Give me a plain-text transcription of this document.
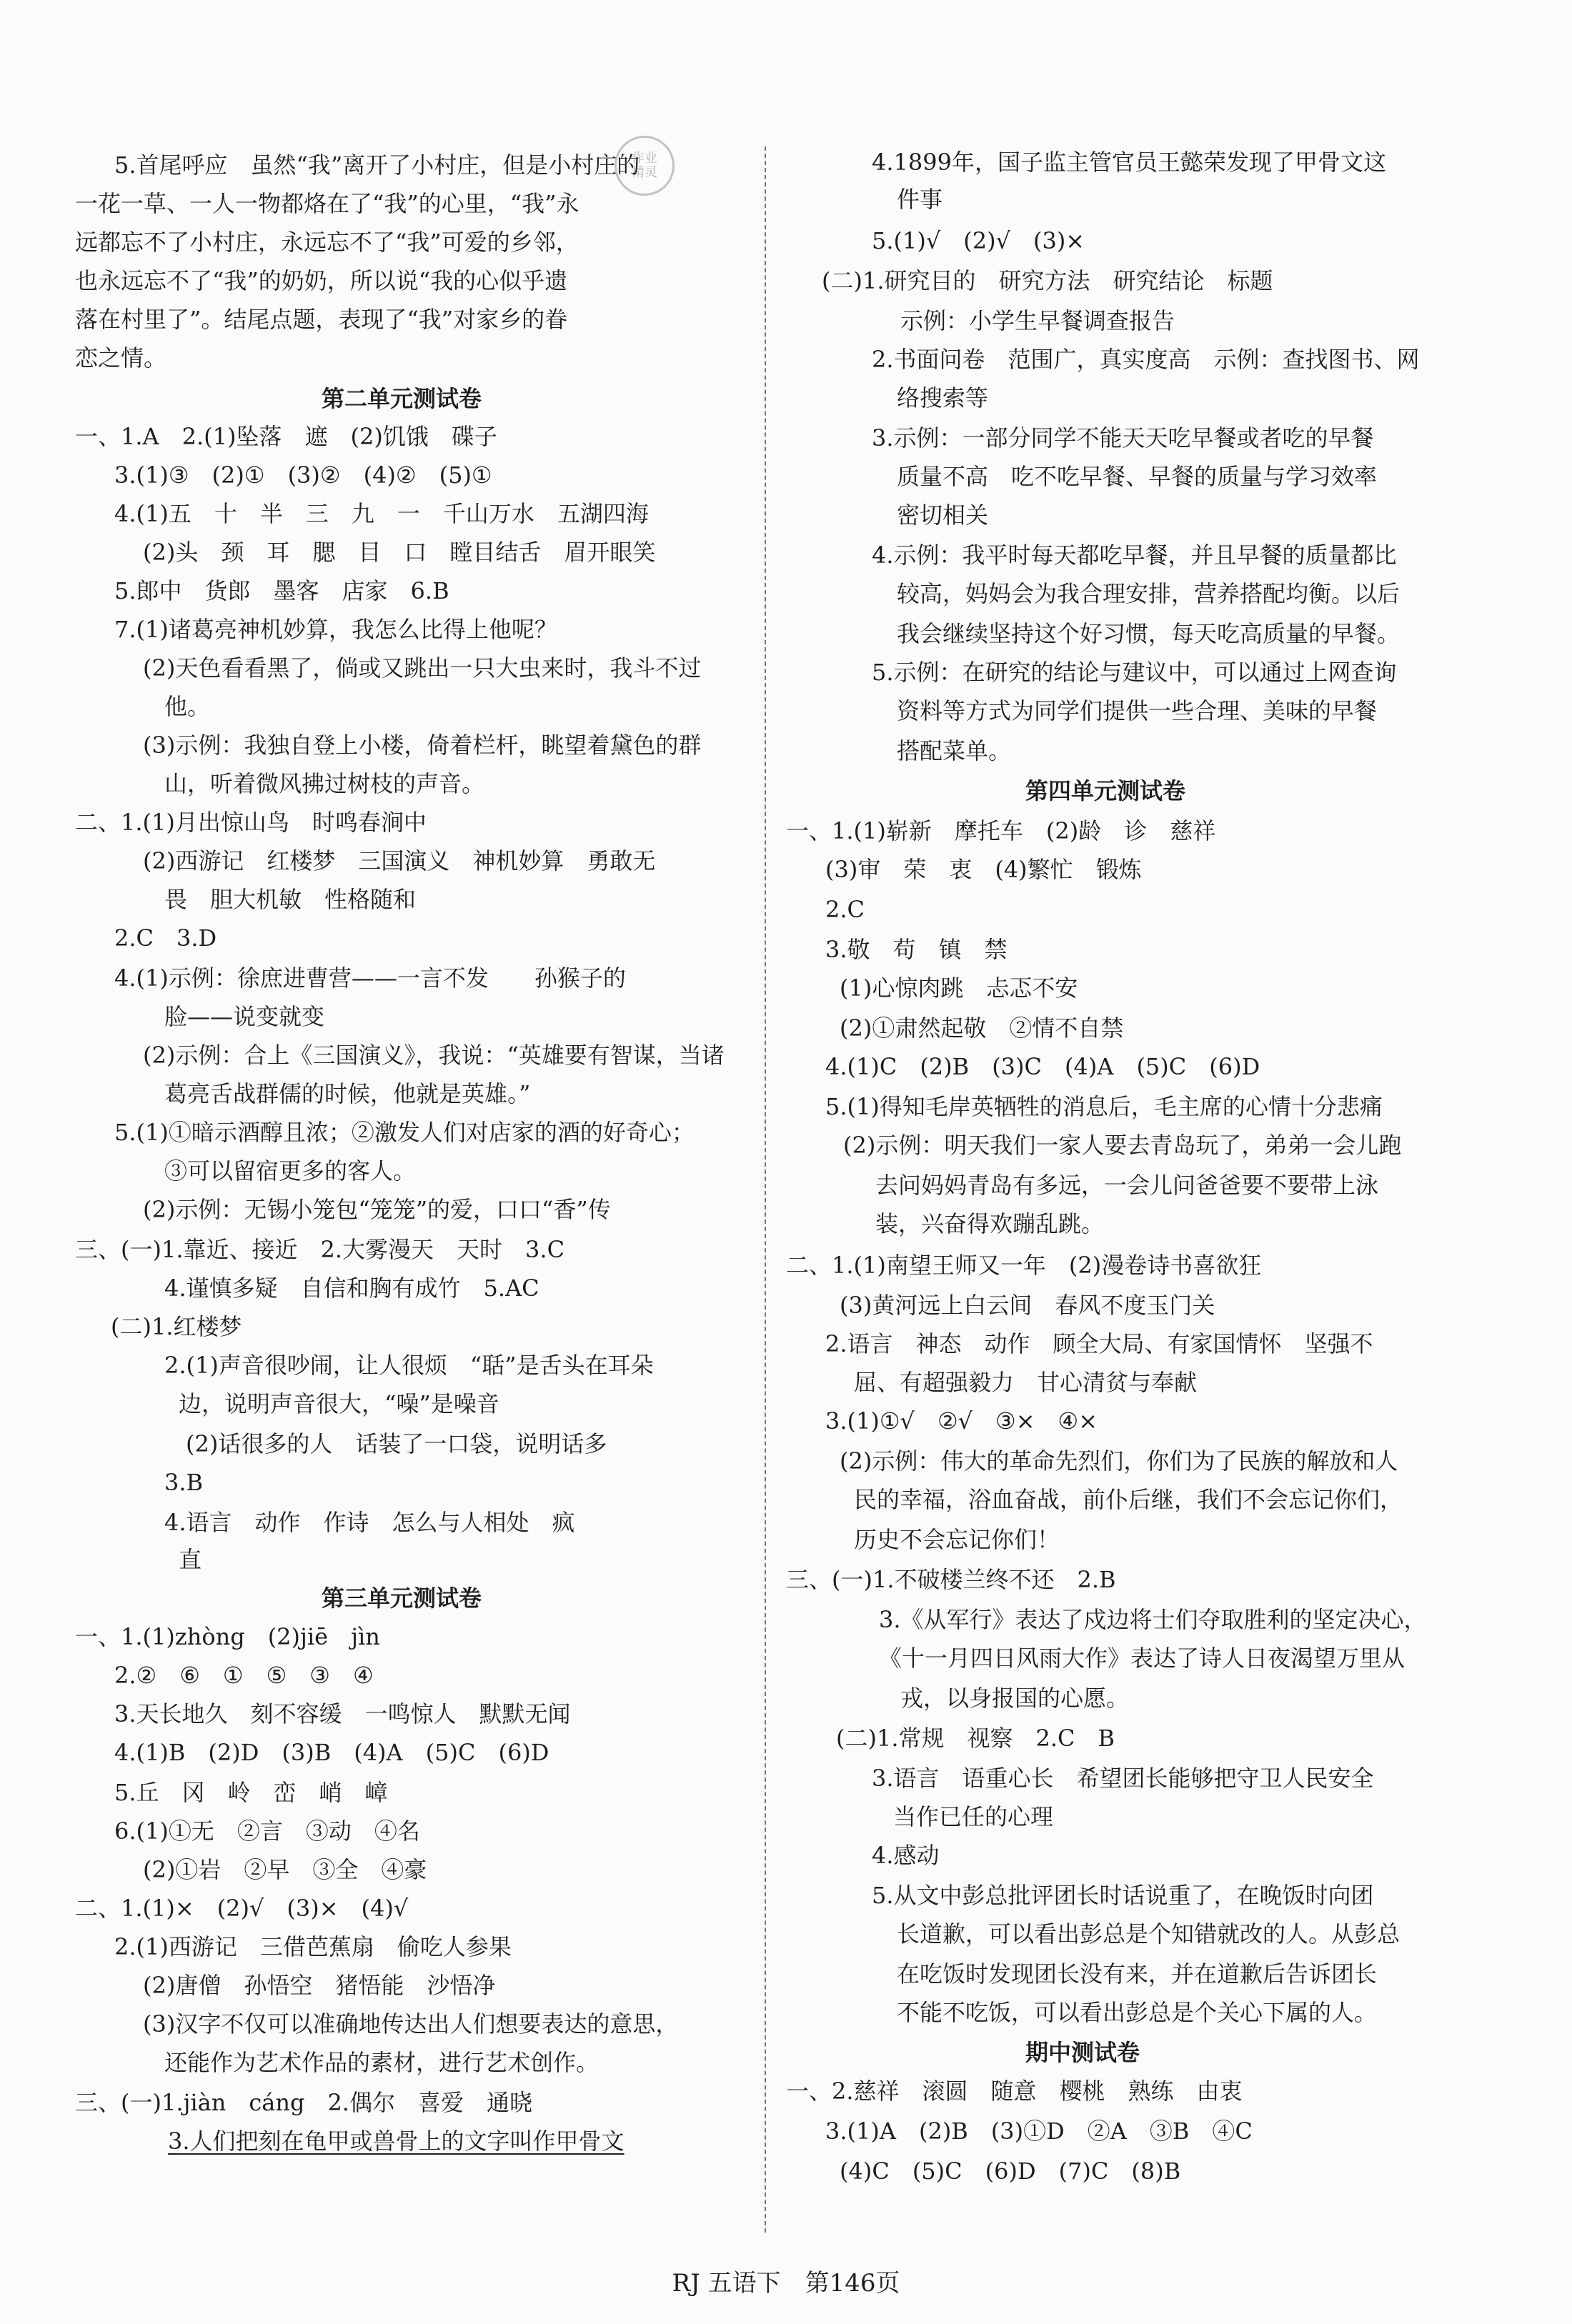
5.首尾呼应　虽然“我”离开了小村庄，但是小村庄的
一花一草、一人一物都烙在了“我”的心里，“我”永
远都忘不了小村庄，永远忘不了“我”可爱的乡邻，
也永远忘不了“我”的奶奶，所以说“我的心似乎遗
落在村里了”。结尾点题，表现了“我”对家乡的眷
恋之情。
第二单元测试卷
一、1.A　2.(1)坠落　遮　(2)饥饿　碟子
3.(1)③　(2)①　(3)②　(4)②　(5)①
4.(1)五　十　半　三　九　一　千山万水　五湖四海
(2)头　颈　耳　腮　目　口　瞠目结舌　眉开眼笑
5.郎中　货郎　墨客　店家　6.B
7.(1)诸葛亮神机妙算，我怎么比得上他呢？
(2)天色看看黑了，倘或又跳出一只大虫来时，我斗不过
他。
(3)示例：我独自登上小楼，倚着栏杆，眺望着黛色的群
山，听着微风拂过树枝的声音。
二、1.(1)月出惊山鸟　时鸣春涧中
(2)西游记　红楼梦　三国演义　神机妙算　勇敢无
畏　胆大机敏　性格随和
2.C　3.D
4.(1)示例：徐庶进曹营——一言不发　　孙猴子的
脸——说变就变
(2)示例：合上《三国演义》，我说：“英雄要有智谋，当诸
葛亮舌战群儒的时候，他就是英雄。”
5.(1)①暗示酒醇且浓；②激发人们对店家的酒的好奇心；
③可以留宿更多的客人。
(2)示例：无锡小笼包“笼笼”的爱，口口“香”传
三、(一)1.靠近、接近　2.大雾漫天　天时　3.C
4.谨慎多疑　自信和胸有成竹　5.AC
(二)1.红楼梦
2.(1)声音很吵闹，让人很烦　“聒”是舌头在耳朵
边，说明声音很大，“噪”是噪音
(2)话很多的人　话装了一口袋，说明话多
3.B
4.语言　动作　作诗　怎么与人相处　疯
直
第三单元测试卷
一、1.(1)zhòng　(2)jiē　jìn
2.②　⑥　①　⑤　③　④
3.天长地久　刻不容缓　一鸣惊人　默默无闻
4.(1)B　(2)D　(3)B　(4)A　(5)C　(6)D
5.丘　冈　岭　峦　峭　嶂
6.(1)①无　②言　③动　④名
(2)①岩　②早　③全　④豪
二、1.(1)×　(2)√　(3)×　(4)√
2.(1)西游记　三借芭蕉扇　偷吃人参果
(2)唐僧　孙悟空　猪悟能　沙悟净
(3)汉字不仅可以准确地传达出人们想要表达的意思，
还能作为艺术作品的素材，进行艺术创作。
三、(一)1.jiàn　cáng　2.偶尔　喜爱　通晓
3.人们把刻在龟甲或兽骨上的文字叫作甲骨文
4.1899年，国子监主管官员王懿荣发现了甲骨文这
件事
5.(1)√　(2)√　(3)×
(二)1.研究目的　研究方法　研究结论　标题
示例：小学生早餐调查报告
2.书面问卷　范围广，真实度高　示例：查找图书、网
络搜索等
3.示例：一部分同学不能天天吃早餐或者吃的早餐
质量不高　吃不吃早餐、早餐的质量与学习效率
密切相关
4.示例：我平时每天都吃早餐，并且早餐的质量都比
较高，妈妈会为我合理安排，营养搭配均衡。以后
我会继续坚持这个好习惯，每天吃高质量的早餐。
5.示例：在研究的结论与建议中，可以通过上网查询
资料等方式为同学们提供一些合理、美味的早餐
搭配菜单。
第四单元测试卷
一、1.(1)崭新　摩托车　(2)龄　诊　慈祥
(3)审　荣　衷　(4)繁忙　锻炼
2.C
3.敬　苟　镇　禁
(1)心惊肉跳　忐忑不安
(2)①肃然起敬　②情不自禁
4.(1)C　(2)B　(3)C　(4)A　(5)C　(6)D
5.(1)得知毛岸英牺牲的消息后，毛主席的心情十分悲痛
(2)示例：明天我们一家人要去青岛玩了，弟弟一会儿跑
去问妈妈青岛有多远，一会儿问爸爸要不要带上泳
装，兴奋得欢蹦乱跳。
二、1.(1)南望王师又一年　(2)漫卷诗书喜欲狂
(3)黄河远上白云间　春风不度玉门关
2.语言　神态　动作　顾全大局、有家国情怀　坚强不
屈、有超强毅力　甘心清贫与奉献
3.(1)①√　②√　③×　④×
(2)示例：伟大的革命先烈们，你们为了民族的解放和人
民的幸福，浴血奋战，前仆后继，我们不会忘记你们，
历史不会忘记你们！
三、(一)1.不破楼兰终不还　2.B
3.《从军行》表达了戍边将士们夺取胜利的坚定决心，
《十一月四日风雨大作》表达了诗人日夜渴望万里从
戎，以身报国的心愿。
(二)1.常规　视察　2.C　B
3.语言　语重心长　希望团长能够把守卫人民安全
当作已任的心理
4.感动
5.从文中彭总批评团长时话说重了，在晚饭时向团
长道歉，可以看出彭总是个知错就改的人。从彭总
在吃饭时发现团长没有来，并在道歉后告诉团长
不能不吃饭，可以看出彭总是个关心下属的人。
期中测试卷
一、2.慈祥　滚圆　随意　樱桃　熟练　由衷
3.(1)A　(2)B　(3)①D　②A　③B　④C
(4)C　(5)C　(6)D　(7)C　(8)B
作业
精灵
RJ 五语下　第146页
